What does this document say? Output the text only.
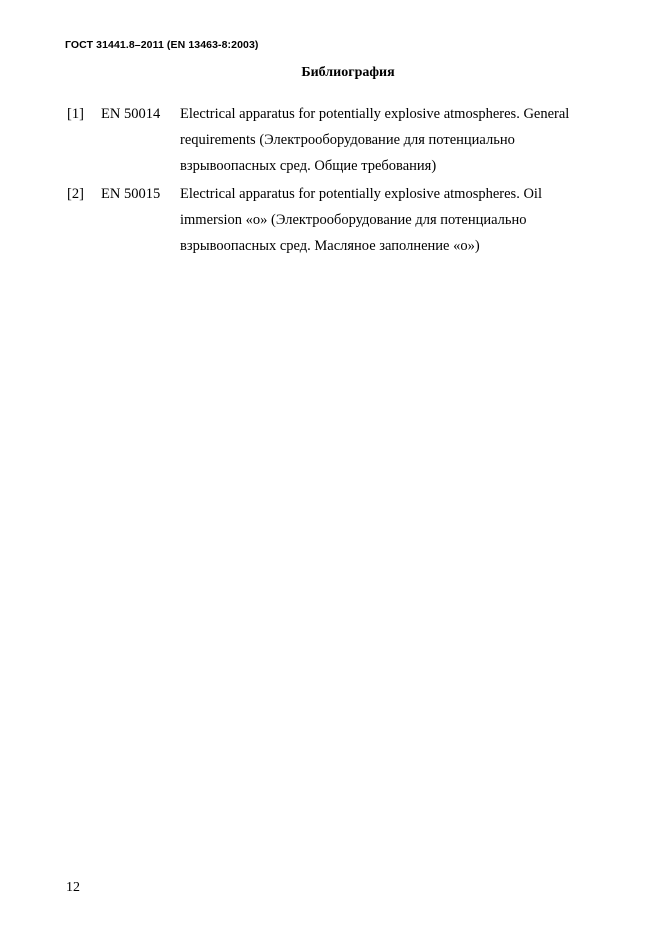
ГОСТ 31441.8–2011 (EN 13463-8:2003)
Библиография
[1] EN 50014 Electrical apparatus for potentially explosive atmospheres. General
requirements (Электрооборудование для потенциально
взрывоопасных сред. Общие требования)
[2] EN 50015 Electrical apparatus for potentially explosive atmospheres. Oil
immersion «о» (Электрооборудование для потенциально
взрывоопасных сред. Масляное заполнение «о»)
12
